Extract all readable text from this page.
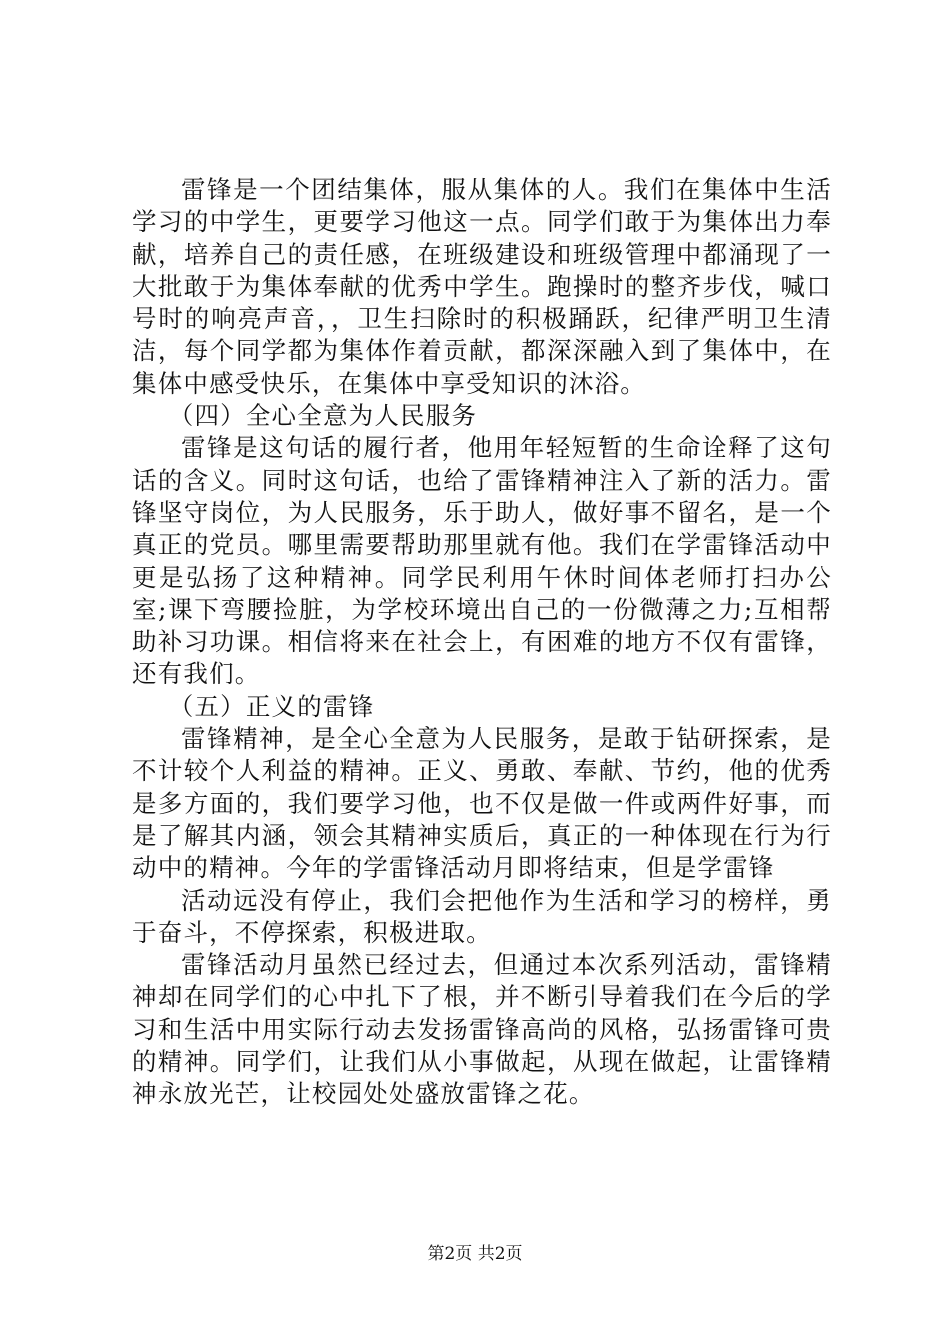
雷锋是一个团结集体，服从集体的人。我们在集体中生活学习的中学生，更要学习他这一点。同学们敢于为集体出力奉献，培养自己的责任感，在班级建设和班级管理中都涌现了一大批敢于为集体奉献的优秀中学生。跑操时的整齐步伐，喊口号时的响亮声音，，卫生扫除时的积极踊跃，纪律严明卫生清洁，每个同学都为集体作着贡献，都深深融入到了集体中，在集体中感受快乐，在集体中享受知识的沐浴。

（四）全心全意为人民服务

雷锋是这句话的履行者，他用年轻短暂的生命诠释了这句话的含义。同时这句话，也给了雷锋精神注入了新的活力。雷锋坚守岗位，为人民服务，乐于助人，做好事不留名，是一个真正的党员。哪里需要帮助那里就有他。我们在学雷锋活动中更是弘扬了这种精神。同学民利用午休时间体老师打扫办公室;课下弯腰捡脏，为学校环境出自己的一份微薄之力;互相帮助补习功课。相信将来在社会上，有困难的地方不仅有雷锋，还有我们。

（五）正义的雷锋

雷锋精神，是全心全意为人民服务，是敢于钻研探索，是不计较个人利益的精神。正义、勇敢、奉献、节约，他的优秀是多方面的，我们要学习他，也不仅是做一件或两件好事，而是了解其内涵，领会其精神实质后，真正的一种体现在行为行动中的精神。今年的学雷锋活动月即将结束，但是学雷锋

活动远没有停止，我们会把他作为生活和学习的榜样，勇于奋斗，不停探索，积极进取。

雷锋活动月虽然已经过去，但通过本次系列活动，雷锋精神却在同学们的心中扎下了根，并不断引导着我们在今后的学习和生活中用实际行动去发扬雷锋高尚的风格，弘扬雷锋可贵的精神。同学们，让我们从小事做起，从现在做起，让雷锋精神永放光芒，让校园处处盛放雷锋之花。

第2页 共2页
